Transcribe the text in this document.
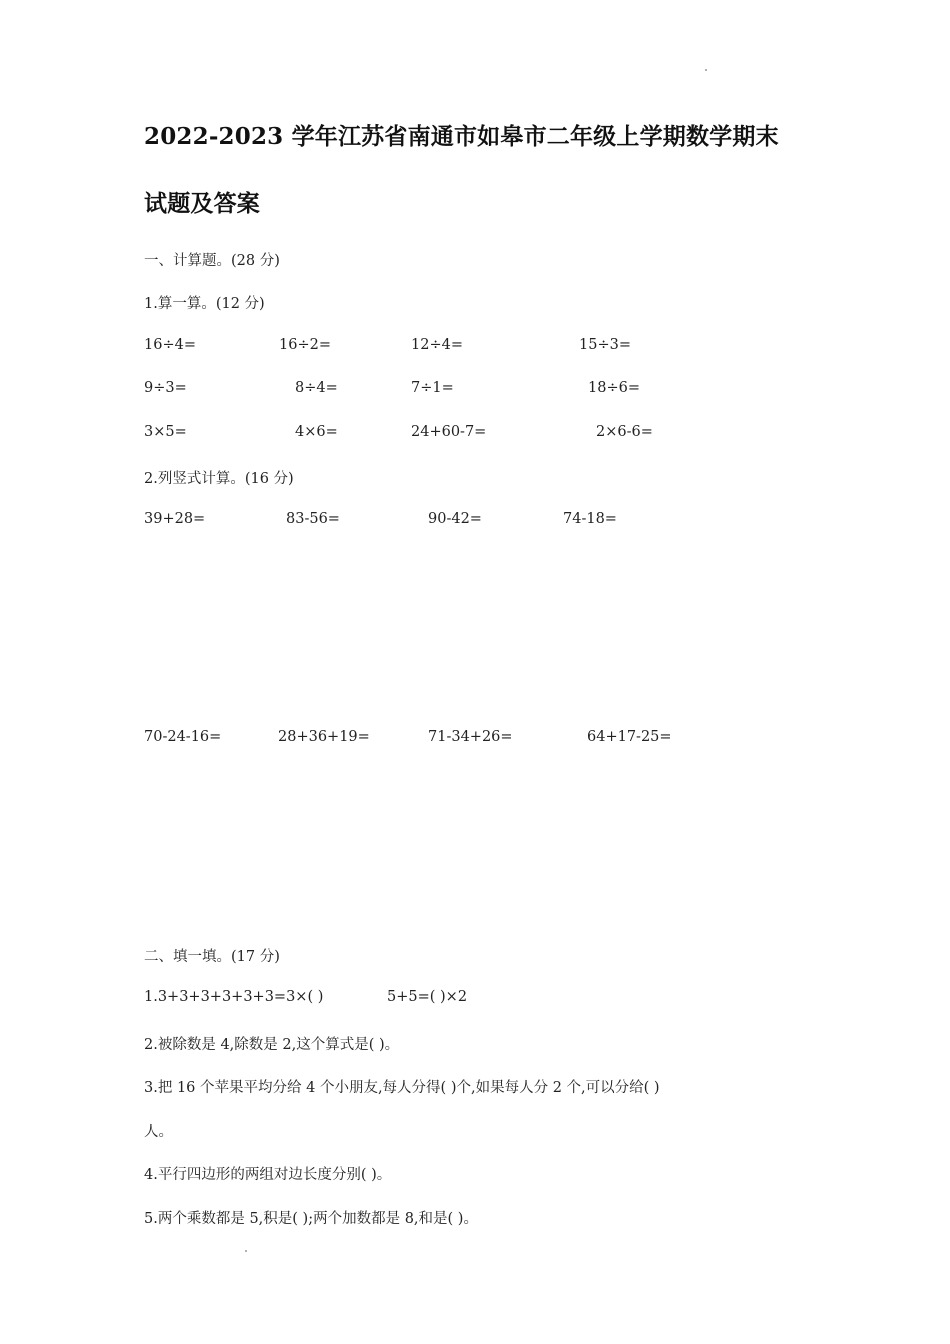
2022-2023 学年江苏省南通市如皋市二年级上学期数学期末
试题及答案
一、计算题。(28 分)
1.算一算。(12 分)
16÷4=	16÷2=	12÷4=	15÷3=
9÷3=	8÷4=	7÷1=	18÷6=
3×5=	4×6=	24+60-7=	2×6-6=
2.列竖式计算。(16 分)
39+28=	83-56=	90-42=	74-18=
70-24-16=	28+36+19=	71-34+26=	64+17-25=
二、填一填。(17 分)
1.3+3+3+3+3+3=3×( )	5+5=( )×2
2.被除数是 4,除数是 2,这个算式是( )。
3.把 16 个苹果平均分给 4 个小朋友,每人分得( )个,如果每人分 2 个,可以分给( )
人。
4.平行四边形的两组对边长度分别( )。
5.两个乘数都是 5,积是( );两个加数都是 8,和是( )。
